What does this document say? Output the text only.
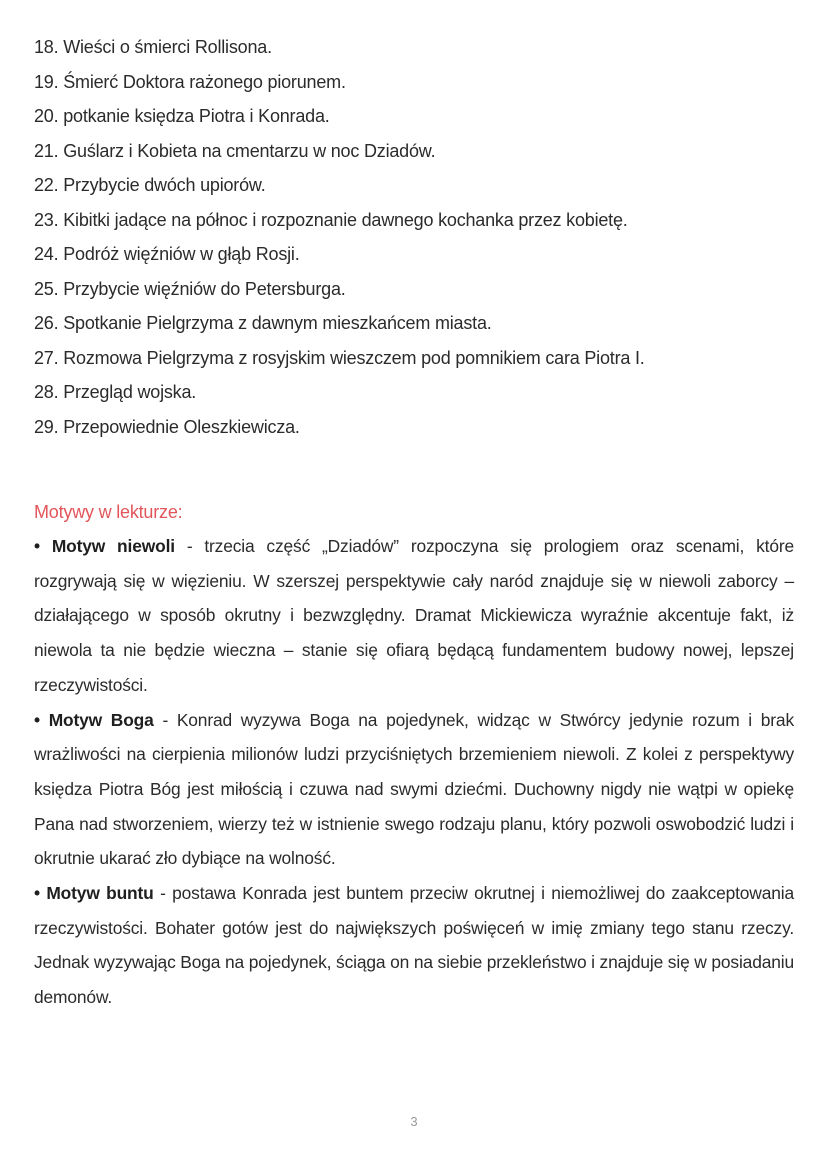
18. Wieści o śmierci Rollisona.
19. Śmierć Doktora rażonego piorunem.
20. potkanie księdza Piotra i Konrada.
21. Guślarz i Kobieta na cmentarzu w noc Dziadów.
22. Przybycie dwóch upiorów.
23. Kibitki jadące na północ i rozpoznanie dawnego kochanka przez kobietę.
24. Podróż więźniów w głąb Rosji.
25. Przybycie więźniów do Petersburga.
26. Spotkanie Pielgrzyma z dawnym mieszkańcem miasta.
27. Rozmowa Pielgrzyma z rosyjskim wieszczem pod pomnikiem cara Piotra I.
28. Przegląd wojska.
29. Przepowiednie Oleszkiewicza.
Motywy w lekturze:

• Motyw niewoli - trzecia część „Dziadów” rozpoczyna się prologiem oraz scenami, które rozgrywają się w więzieniu. W szerszej perspektywie cały naród znajduje się w niewoli zaborcy – działającego w sposób okrutny i bezwzględny. Dramat Mickiewicza wyraźnie akcentuje fakt, iż niewola ta nie będzie wieczna – stanie się ofiarą będącą fundamentem budowy nowej, lepszej rzeczywistości.

• Motyw Boga - Konrad wyzywa Boga na pojedynek, widząc w Stwórcy jedynie rozum i brak wrażliwości na cierpienia milionów ludzi przyciśniętych brzemieniem niewoli. Z kolei z perspektywy księdza Piotra Bóg jest miłością i czuwa nad swymi dziećmi. Duchowny nigdy nie wątpi w opiekę Pana nad stworzeniem, wierzy też w istnienie swego rodzaju planu, który pozwoli oswobodzić ludzi i okrutnie ukarać zło dybiące na wolność.

• Motyw buntu - postawa Konrada jest buntem przeciw okrutnej i niemożliwej do zaakceptowania rzeczywistości. Bohater gotów jest do największych poświęceń w imię zmiany tego stanu rzeczy. Jednak wyzywając Boga na pojedynek, ściąga on na siebie przekleństwo i znajduje się w posiadaniu demonów.

3
